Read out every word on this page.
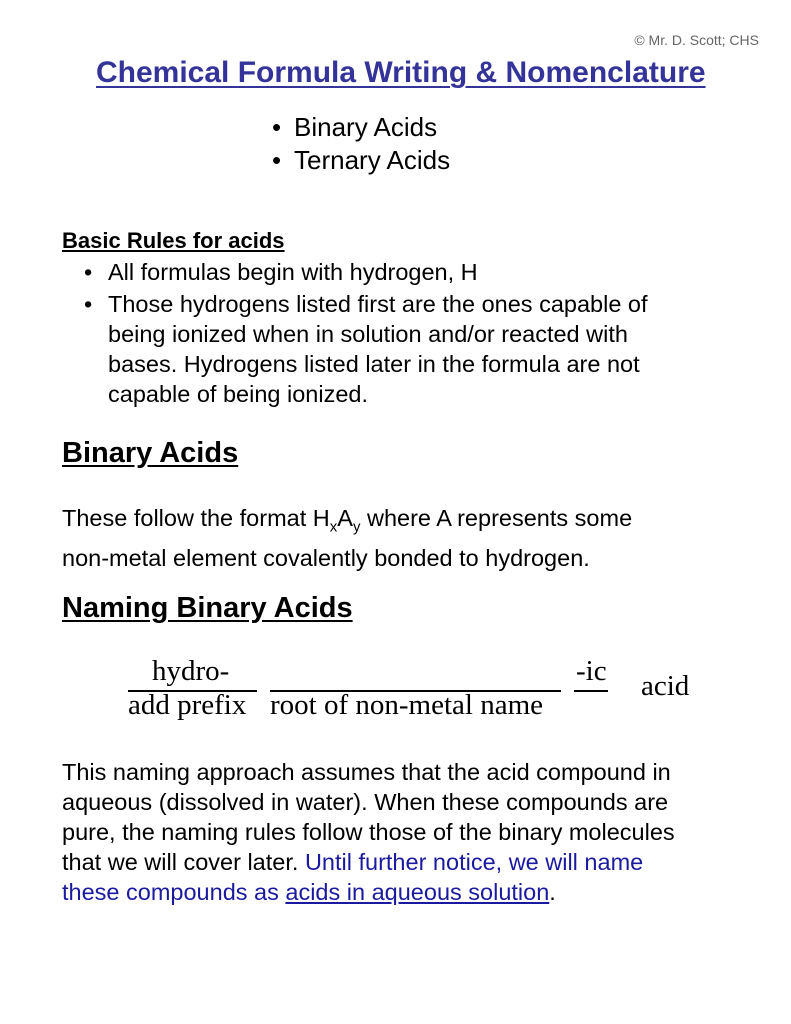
© Mr. D. Scott; CHS
Chemical Formula Writing & Nomenclature
• Binary Acids
• Ternary Acids
Basic Rules for acids
• All formulas begin with hydrogen, H
• Those hydrogens listed first are the ones capable of
being ionized when in solution and/or reacted with
bases. Hydrogens listed later in the formula are not
capable of being ionized.
Binary Acids
These follow the format $H_xA_y$ where A represents some
non-metal element covalently bonded to hydrogen.
Naming Binary Acids
hydro-
add prefix root of non-metal name
-ic acid
This naming approach assumes that the acid compound in
aqueous (dissolved in water). When these compounds are
pure, the naming rules follow those of the binary molecules
that we will cover later. Until further notice, we will name
these compounds as acids in aqueous solution.
